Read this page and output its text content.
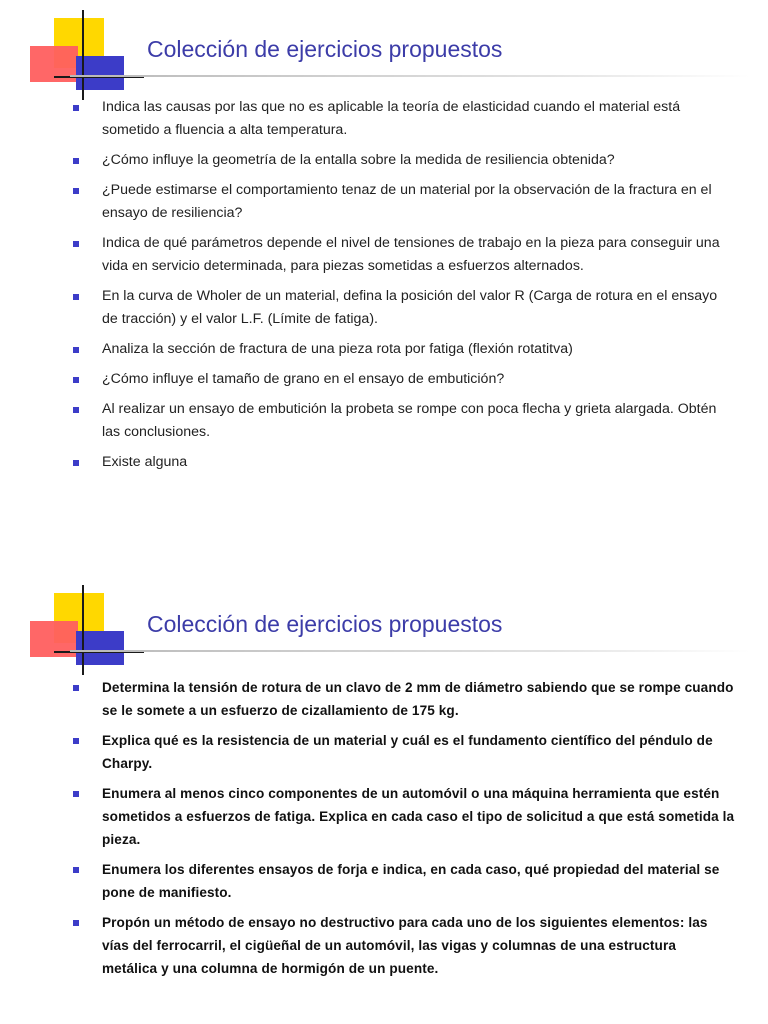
Colección de ejercicios propuestos
Indica las causas por las que no es aplicable la teoría de elasticidad cuando el material está sometido a fluencia a alta temperatura.
¿Cómo influye la geometría de la entalla sobre la medida de resiliencia obtenida?
¿Puede estimarse el comportamiento tenaz de un material por la observación de la fractura en el ensayo de resiliencia?
Indica de qué parámetros depende el nivel de tensiones de trabajo en la pieza para conseguir una vida en servicio determinada, para piezas sometidas a esfuerzos alternados.
En la curva de Wholer de un material, defina la posición del valor R (Carga de rotura en el ensayo de tracción) y el valor L.F. (Límite de fatiga).
Analiza la sección de fractura de una pieza rota por fatiga (flexión rotatitva)
¿Cómo influye el tamaño de grano en el ensayo de embutición?
Al realizar un ensayo de embutición la probeta se rompe con poca flecha y grieta alargada. Obtén las conclusiones.
Existe alguna
Colección de ejercicios propuestos
Determina la tensión de rotura de un clavo de 2 mm de diámetro sabiendo que se rompe cuando se le somete a un esfuerzo de cizallamiento de 175 kg.
Explica qué es la resistencia de un material y cuál es el fundamento científico del péndulo de Charpy.
Enumera al menos cinco componentes de un automóvil o una máquina herramienta que estén sometidos a esfuerzos de fatiga. Explica en cada caso el tipo de solicitud a que está sometida la pieza.
Enumera los diferentes ensayos de forja e indica, en cada caso, qué propiedad del material se pone de manifiesto.
Propón un método de ensayo no destructivo para cada uno de los siguientes elementos: las vías del ferrocarril, el cigüeñal de un automóvil, las vigas y columnas de una estructura metálica y una columna de hormigón de un puente.
